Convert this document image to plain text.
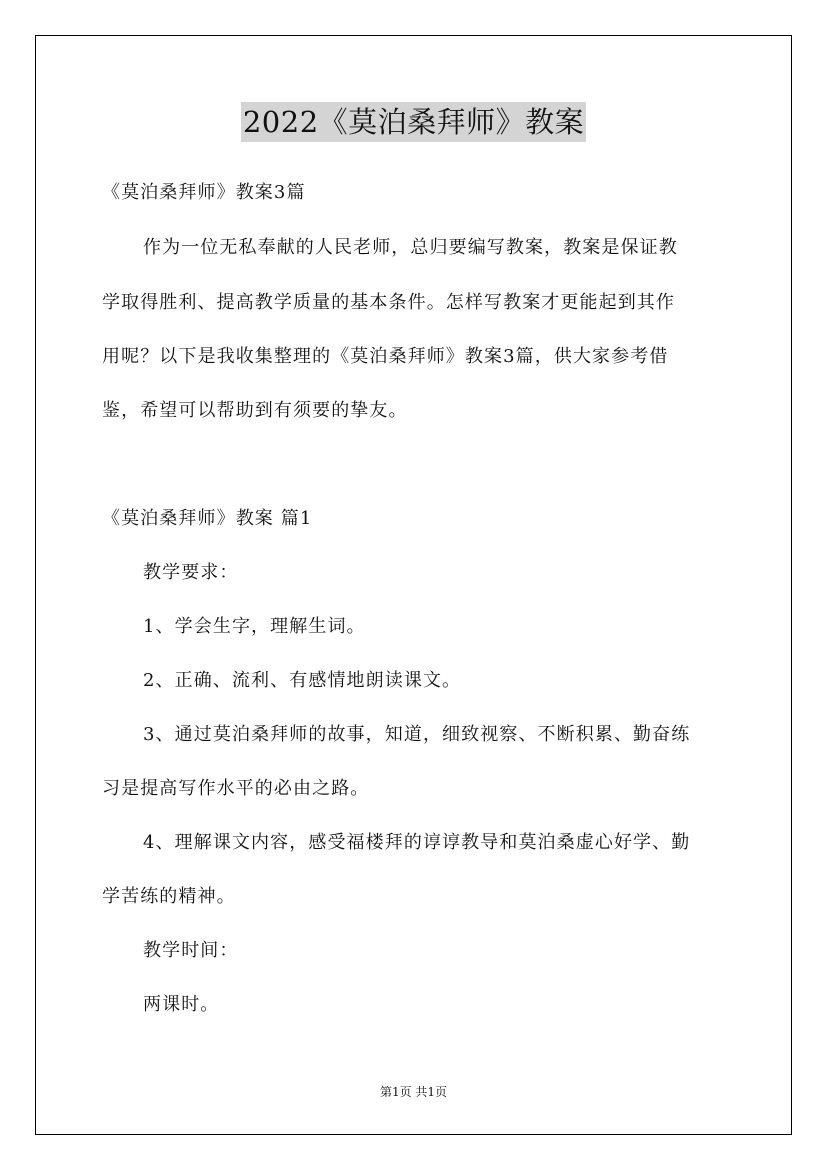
2022《莫泊桑拜师》教案
《莫泊桑拜师》教案3篇
作为一位无私奉献的人民老师，总归要编写教案，教案是保证教
学取得胜利、提高教学质量的基本条件。怎样写教案才更能起到其作
用呢？以下是我收集整理的《莫泊桑拜师》教案3篇，供大家参考借
鉴，希望可以帮助到有须要的挚友。
《莫泊桑拜师》教案 篇1
教学要求：
1、学会生字，理解生词。
2、正确、流利、有感情地朗读课文。
3、通过莫泊桑拜师的故事，知道，细致视察、不断积累、勤奋练
习是提高写作水平的必由之路。
4、理解课文内容，感受福楼拜的谆谆教导和莫泊桑虚心好学、勤
学苦练的精神。
教学时间：
两课时。
第1页 共1页
